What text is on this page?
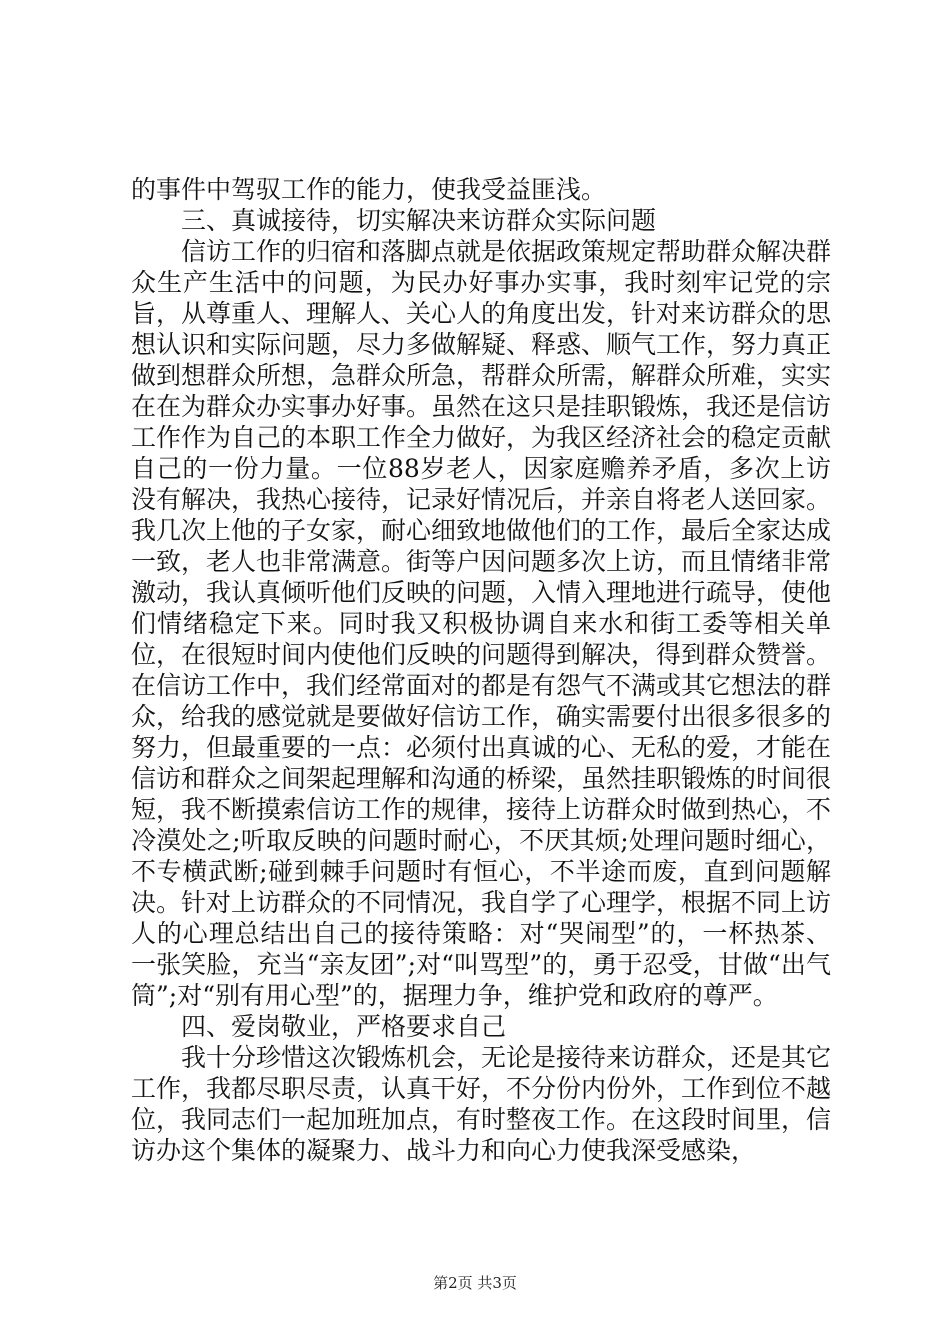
的事件中驾驭工作的能力，使我受益匪浅。

三、真诚接待，切实解决来访群众实际问题

信访工作的归宿和落脚点就是依据政策规定帮助群众解决群众生产生活中的问题，为民办好事办实事，我时刻牢记党的宗旨，从尊重人、理解人、关心人的角度出发，针对来访群众的思想认识和实际问题，尽力多做解疑、释惑、顺气工作，努力真正做到想群众所想，急群众所急，帮群众所需，解群众所难，实实在在为群众办实事办好事。虽然在这只是挂职锻炼，我还是信访工作作为自己的本职工作全力做好，为我区经济社会的稳定贡献自己的一份力量。一位88岁老人，因家庭赡养矛盾，多次上访没有解决，我热心接待，记录好情况后，并亲自将老人送回家。我几次上他的子女家，耐心细致地做他们的工作，最后全家达成一致，老人也非常满意。街等户因问题多次上访，而且情绪非常激动，我认真倾听他们反映的问题，入情入理地进行疏导，使他们情绪稳定下来。同时我又积极协调自来水和街工委等相关单位，在很短时间内使他们反映的问题得到解决，得到群众赞誉。在信访工作中，我们经常面对的都是有怨气不满或其它想法的群众，给我的感觉就是要做好信访工作，确实需要付出很多很多的努力，但最重要的一点：必须付出真诚的心、无私的爱，才能在信访和群众之间架起理解和沟通的桥梁，虽然挂职锻炼的时间很短，我不断摸索信访工作的规律，接待上访群众时做到热心，不冷漠处之;听取反映的问题时耐心，不厌其烦;处理问题时细心，不专横武断;碰到棘手问题时有恒心，不半途而废，直到问题解决。针对上访群众的不同情况，我自学了心理学，根据不同上访人的心理总结出自己的接待策略：对“哭闹型”的，一杯热茶、一张笑脸，充当“亲友团”;对“叫骂型”的，勇于忍受，甘做“出气筒”;对“别有用心型”的，据理力争，维护党和政府的尊严。

四、爱岗敬业，严格要求自己

我十分珍惜这次锻炼机会，无论是接待来访群众，还是其它工作，我都尽职尽责，认真干好，不分份内份外，工作到位不越位，我同志们一起加班加点，有时整夜工作。在这段时间里，信访办这个集体的凝聚力、战斗力和向心力使我深受感染，

第2页 共3页
